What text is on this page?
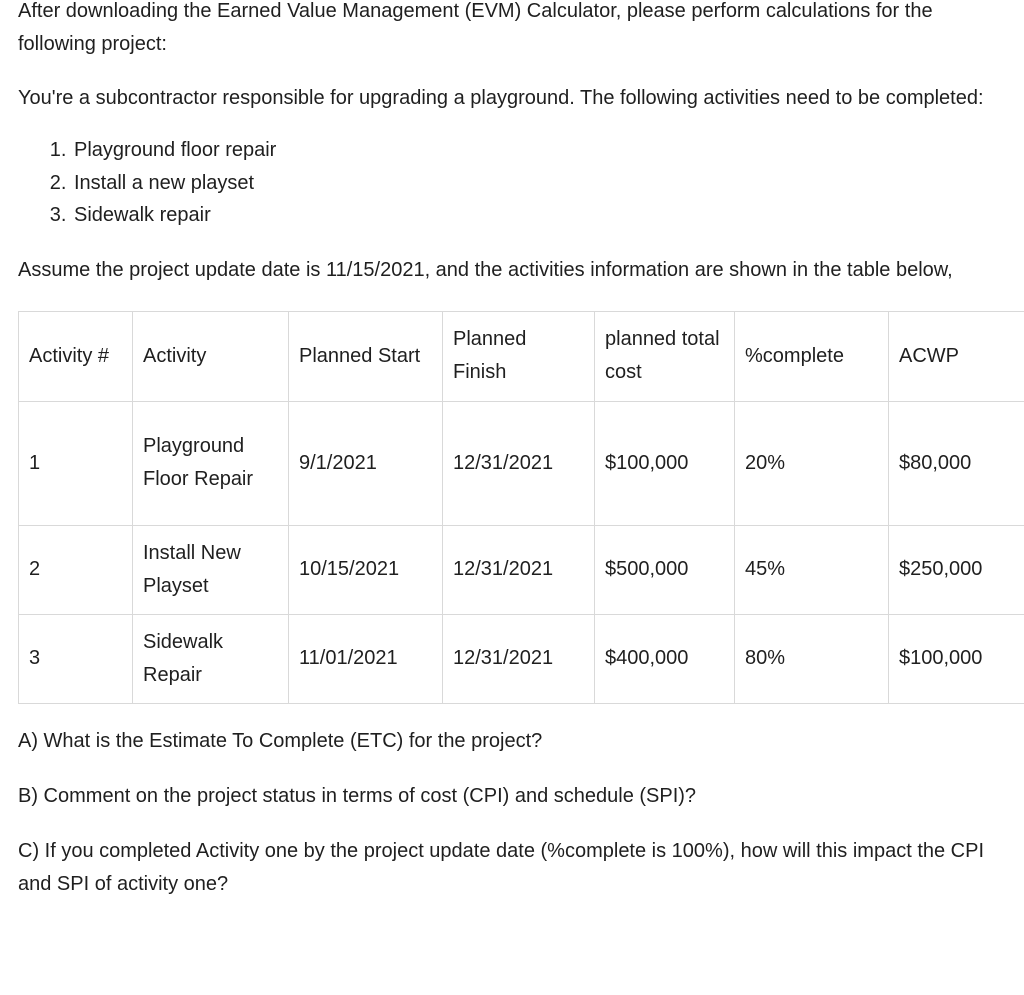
After downloading the Earned Value Management (EVM) Calculator, please perform calculations for the following project:

You're a subcontractor responsible for upgrading a playground. The following activities need to be completed:

1. Playground floor repair
2. Install a new playset
3. Sidewalk repair

Assume the project update date is 11/15/2021, and the activities information are shown in the table below,

Activity #	Activity	Planned Start	Planned Finish	planned total cost	%complete	ACWP
1	Playground Floor Repair	9/1/2021	12/31/2021	$100,000	20%	$80,000
2	Install New Playset	10/15/2021	12/31/2021	$500,000	45%	$250,000
3	Sidewalk Repair	11/01/2021	12/31/2021	$400,000	80%	$100,000

A) What is the Estimate To Complete (ETC) for the project?

B) Comment on the project status in terms of cost (CPI) and schedule (SPI)?

C) If you completed Activity one by the project update date (%complete is 100%), how will this impact the CPI and SPI of activity one?
